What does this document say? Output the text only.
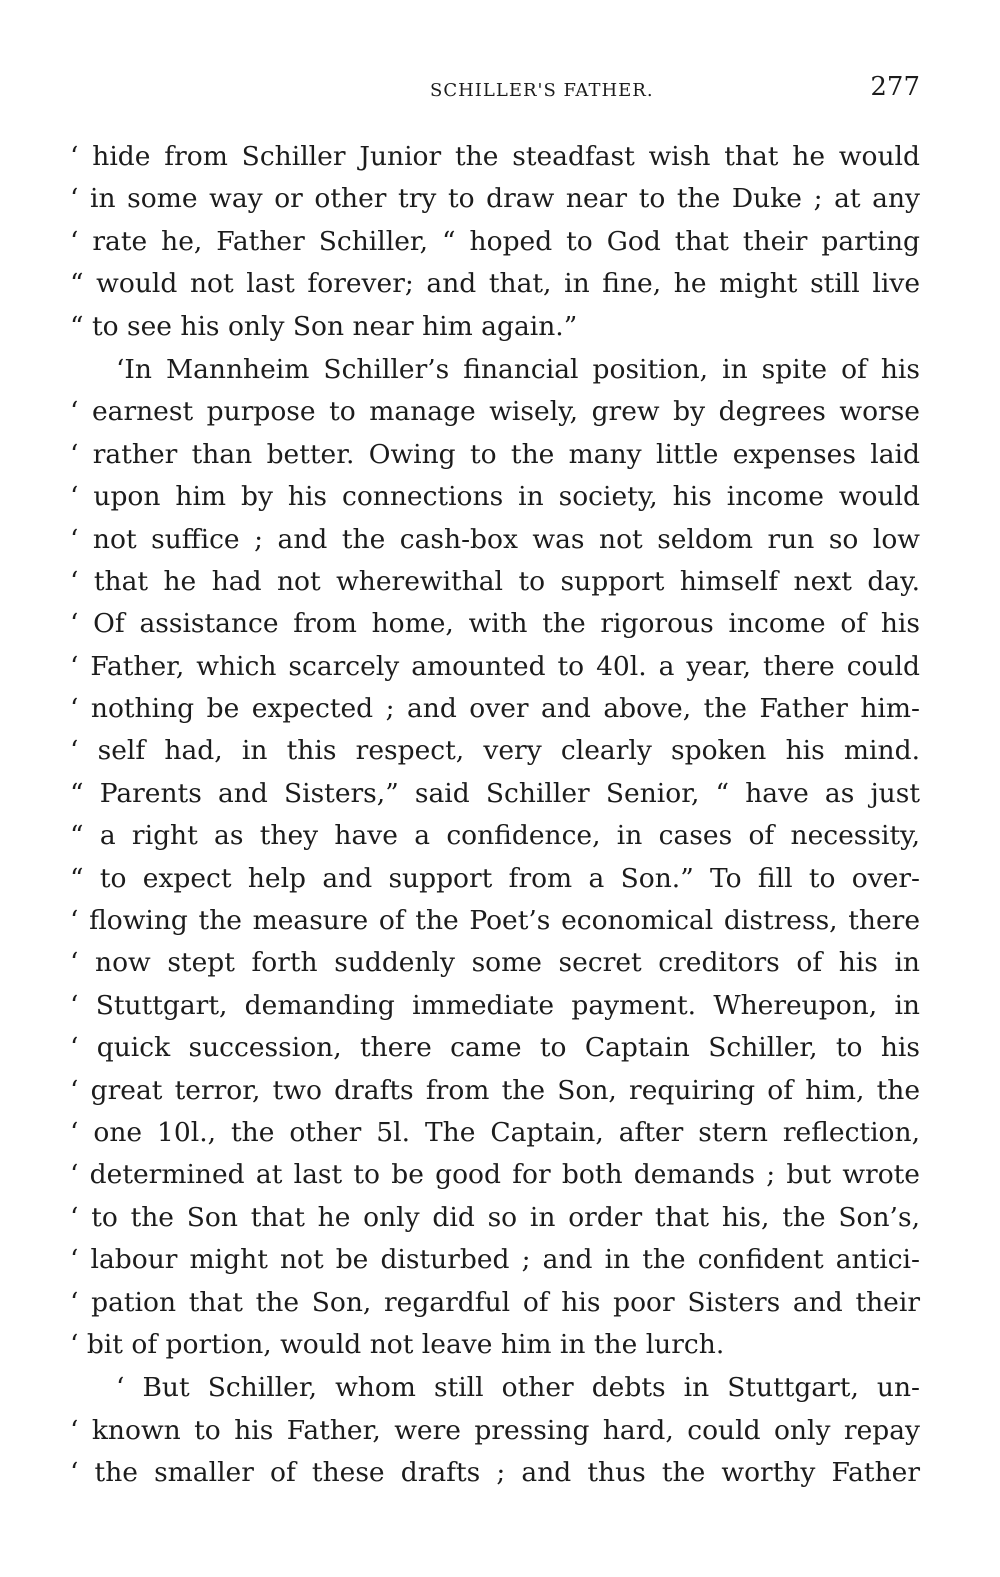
SCHILLER'S FATHER.	277
‘ hide from Schiller Junior the steadfast wish that he would
‘ in some way or other try to draw near to the Duke ; at any
‘ rate he, Father Schiller, “ hoped to God that their parting
“ would not last forever; and that, in fine, he might still live
“ to see his only Son near him again.”
‘In Mannheim Schiller’s financial position, in spite of his
‘ earnest purpose to manage wisely, grew by degrees worse
‘ rather than better. Owing to the many little expenses laid
‘ upon him by his connections in society, his income would
‘ not suffice ; and the cash-box was not seldom run so low
‘ that he had not wherewithal to support himself next day.
‘ Of assistance from home, with the rigorous income of his
‘ Father, which scarcely amounted to 40l. a year, there could
‘ nothing be expected ; and over and above, the Father him-
‘ self had, in this respect, very clearly spoken his mind.
“ Parents and Sisters,” said Schiller Senior, “ have as just
“ a right as they have a confidence, in cases of necessity,
“ to expect help and support from a Son.” To fill to over-
‘ flowing the measure of the Poet’s economical distress, there
‘ now stept forth suddenly some secret creditors of his in
‘ Stuttgart, demanding immediate payment. Whereupon, in
‘ quick succession, there came to Captain Schiller, to his
‘ great terror, two drafts from the Son, requiring of him, the
‘ one 10l., the other 5l. The Captain, after stern reflection,
‘ determined at last to be good for both demands ; but wrote
‘ to the Son that he only did so in order that his, the Son’s,
‘ labour might not be disturbed ; and in the confident antici-
‘ pation that the Son, regardful of his poor Sisters and their
‘ bit of portion, would not leave him in the lurch.
‘ But Schiller, whom still other debts in Stuttgart, un-
‘ known to his Father, were pressing hard, could only repay
‘ the smaller of these drafts ; and thus the worthy Father
